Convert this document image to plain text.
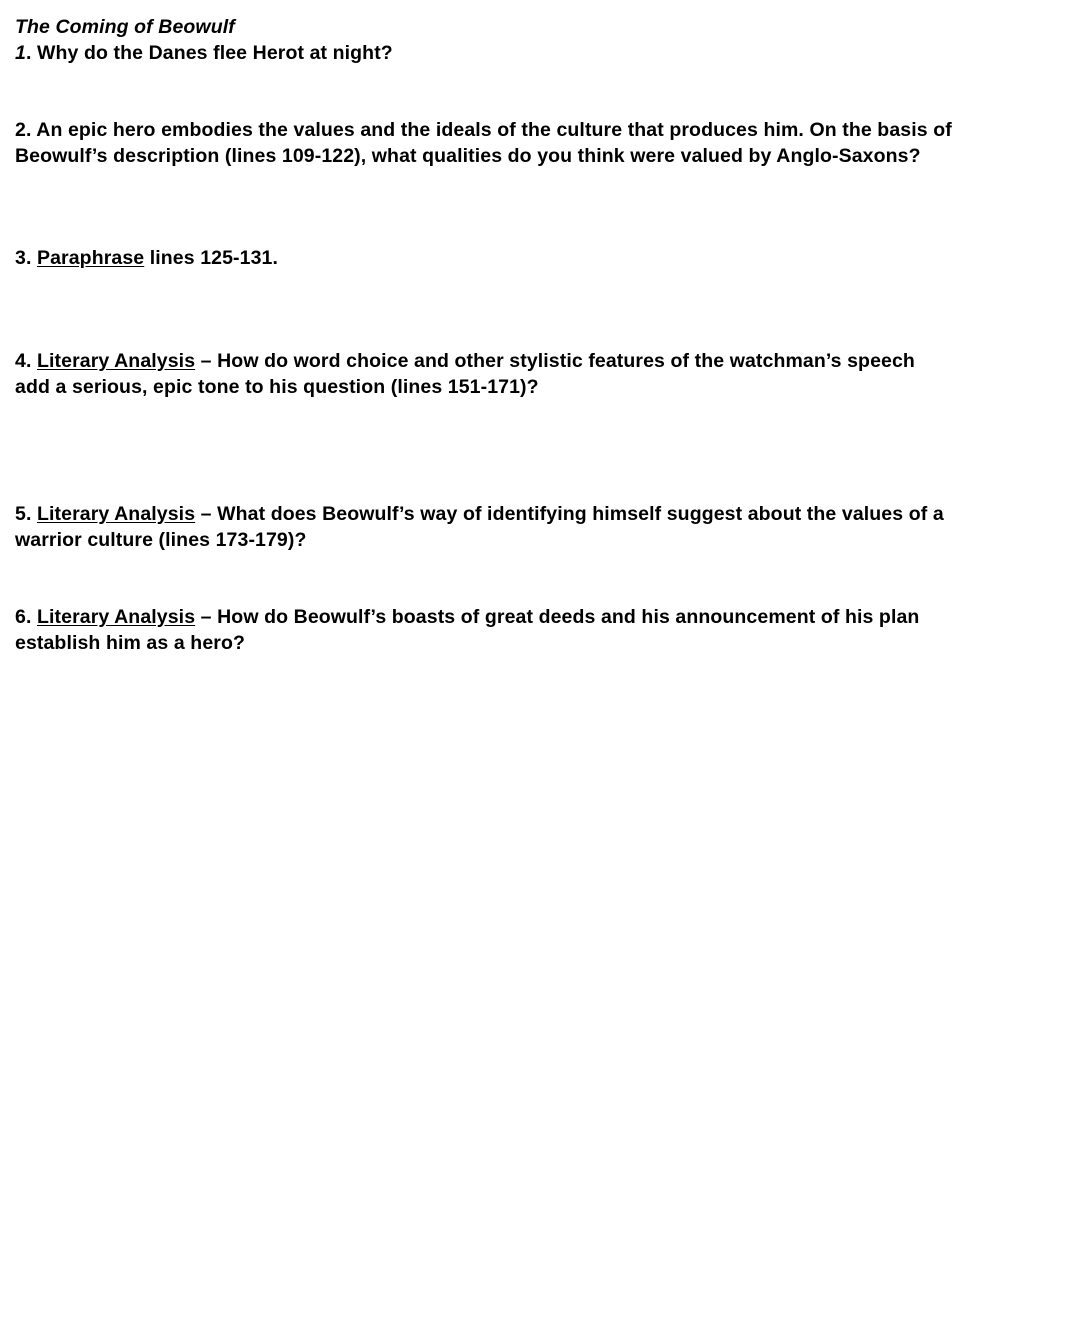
The Coming of Beowulf
1. Why do the Danes flee Herot at night?
2. An epic hero embodies the values and the ideals of the culture that produces him. On the basis of Beowulf’s description (lines 109-122), what qualities do you think were valued by Anglo-Saxons?
3. Paraphrase lines 125-131.
4. Literary Analysis – How do word choice and other stylistic features of the watchman’s speech add a serious, epic tone to his question (lines 151-171)?
5. Literary Analysis – What does Beowulf’s way of identifying himself suggest about the values of a warrior culture (lines 173-179)?
6. Literary Analysis – How do Beowulf’s boasts of great deeds and his announcement of his plan establish him as a hero?
